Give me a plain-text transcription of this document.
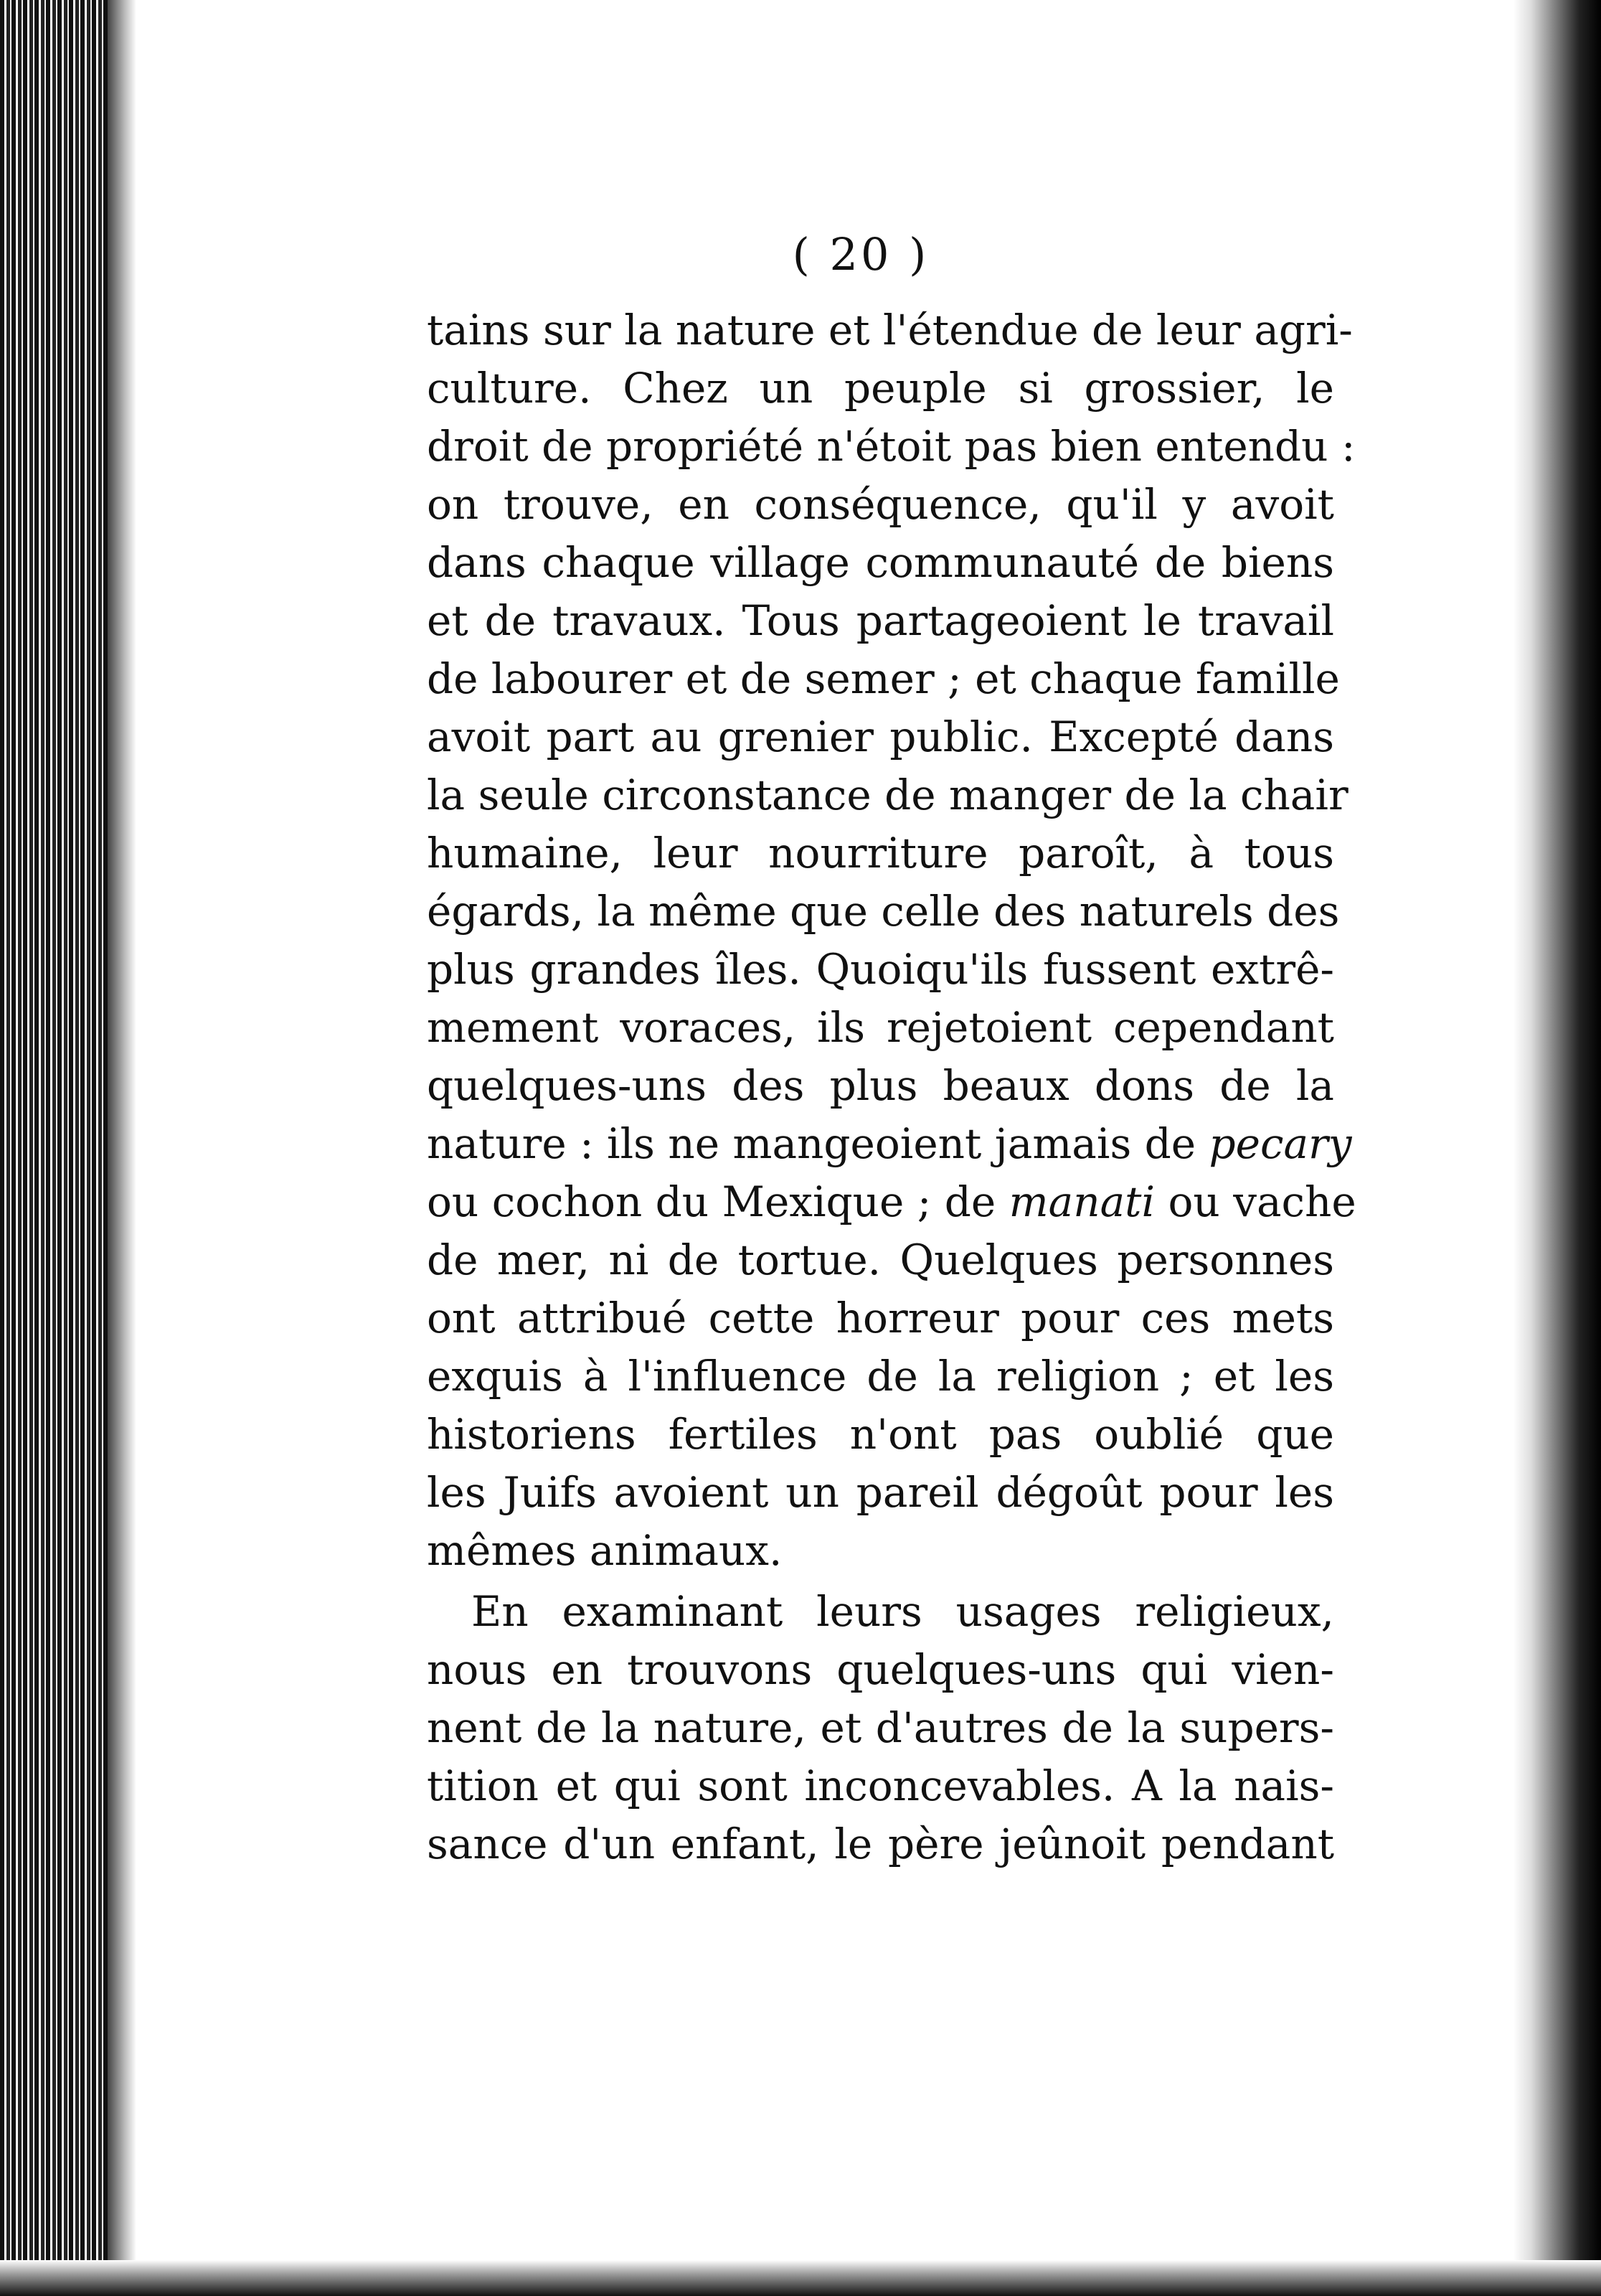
( 20 )
tains sur la nature et l'étendue de leur agri-
culture. Chez un peuple si grossier, le
droit de propriété n'étoit pas bien entendu :
on trouve, en conséquence, qu'il y avoit
dans chaque village communauté de biens
et de travaux. Tous partageoient le travail
de labourer et de semer ; et chaque famille
avoit part au grenier public. Excepté dans
la seule circonstance de manger de la chair
humaine, leur nourriture paroît, à tous
égards, la même que celle des naturels des
plus grandes îles. Quoiqu'ils fussent extrê-
mement voraces, ils rejetoient cependant
quelques-uns des plus beaux dons de la
nature : ils ne mangeoient jamais de pecary
ou cochon du Mexique ; de manati ou vache
de mer, ni de tortue. Quelques personnes
ont attribué cette horreur pour ces mets
exquis à l'influence de la religion ; et les
historiens fertiles n'ont pas oublié que
les Juifs avoient un pareil dégoût pour les
mêmes animaux.
En examinant leurs usages religieux,
nous en trouvons quelques-uns qui vien-
nent de la nature, et d'autres de la supers-
tition et qui sont inconcevables. A la nais-
sance d'un enfant, le père jeûnoit pendant
